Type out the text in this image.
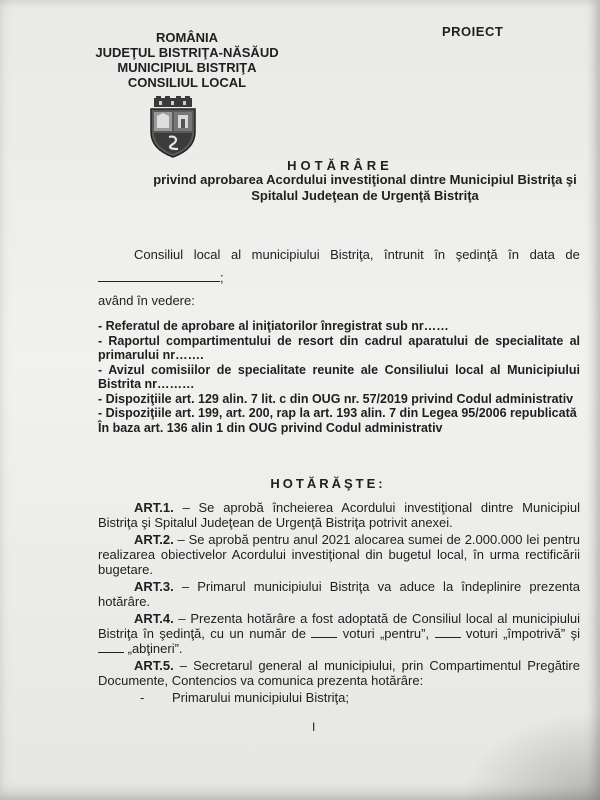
ROMÂNIA
JUDEŢUL BISTRIŢA-NĂSĂUD
MUNICIPIUL BISTRIŢA
CONSILIUL LOCAL
PROIECT
HOTĂRÂRE
privind aprobarea Acordului investiţional dintre Municipiul Bistriţa şi Spitalul Judeţean de Urgenţă Bistriţa
Consiliul local al municipiului Bistriţa, întrunit în şedinţă în data de
;
având în vedere:
- Referatul de aprobare al iniţiatorilor înregistrat sub nr……
- Raportul compartimentului de resort din cadrul aparatului de specialitate al primarului nr…….
- Avizul comisiilor de specialitate reunite ale Consiliului local al Municipiului Bistrita nr………
- Dispoziţiile art. 129 alin. 7 lit. c din OUG nr. 57/2019 privind Codul administrativ
- Dispoziţiile art. 199, art. 200, rap la art. 193 alin. 7 din Legea 95/2006 republicată
În baza art. 136 alin 1 din OUG privind Codul administrativ
HOTĂRĂŞTE:
ART.1. – Se aprobă încheierea Acordului investiţional dintre Municipiul Bistriţa şi Spitalul Judeţean de Urgenţă Bistriţa potrivit anexei.
ART.2. – Se aprobă pentru anul 2021 alocarea sumei de 2.000.000 lei pentru realizarea obiectivelor Acordului investiţional din bugetul local, în urma rectificării bugetare.
ART.3. – Primarul municipiului Bistriţa va aduce la îndeplinire prezenta hotărâre.
ART.4. – Prezenta hotărâre a fost adoptată de Consiliul local al municipiului Bistriţa în şedinţă, cu un număr de  voturi „pentru”,  voturi „împotrivă” şi  „abţineri”.
ART.5. – Secretarul general al municipiului, prin Compartimentul Pregătire Documente, Contencios va comunica prezenta hotărâre:
- Primarului municipiului Bistriţa;
I
